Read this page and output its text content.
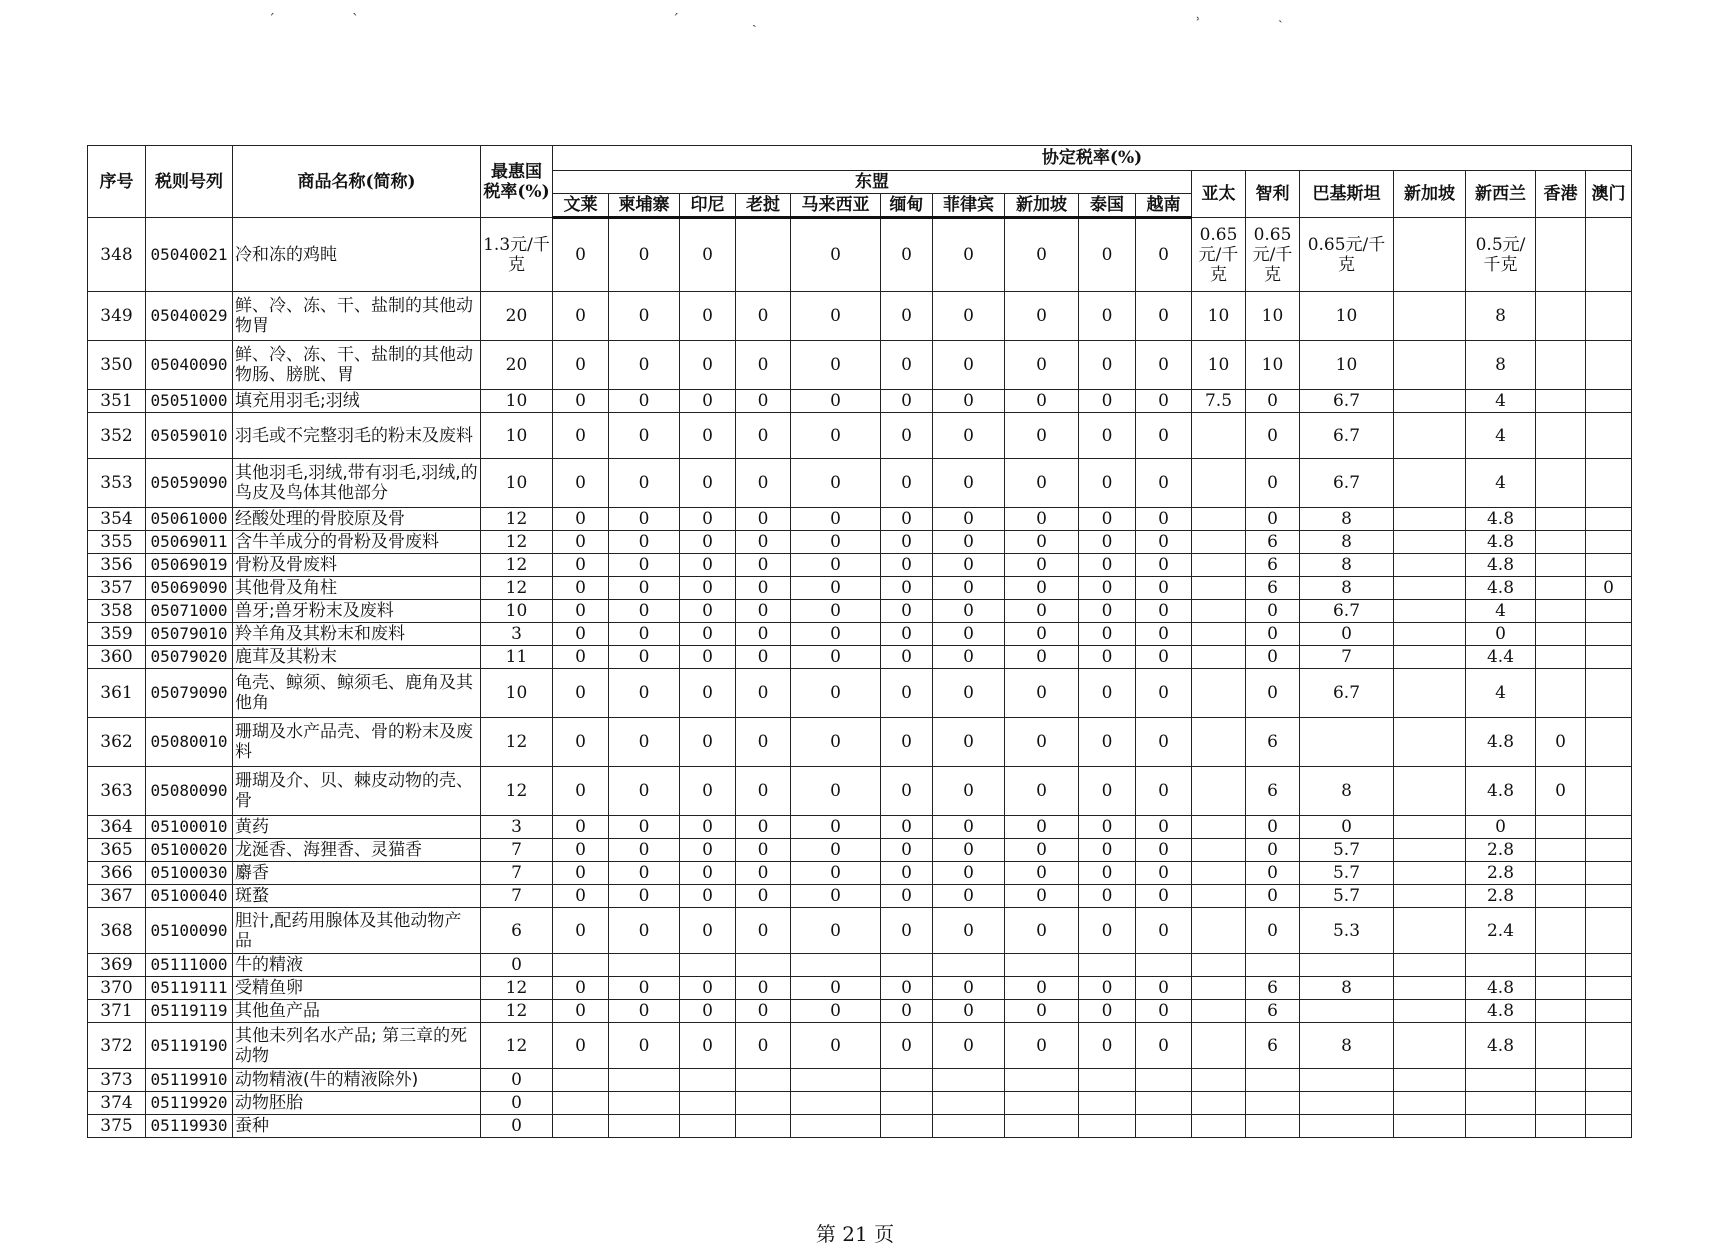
ˊ	ˋ	ˊ	ˏ	˒	˴
序号	税则号列	商品名称(简称)	最惠国税率(%)	协定税率(%)																
				东盟										亚太	智利	巴基斯坦	新加坡	新西兰	香港	澳门
				文莱	柬埔寨	印尼	老挝	马来西亚	缅甸	菲律宾	新加坡	泰国	越南							
348	05040021	冷和冻的鸡盹	1.3元/千克	0	0	0		0	0	0	0	0	0	0.65元/千克	0.65元/千克	0.65元/千克		0.5元/千克		
349	05040029	鲜、冷、冻、干、盐制的其他动物胃	20	0	0	0	0	0	0	0	0	0	0	10	10	10		8		
350	05040090	鲜、冷、冻、干、盐制的其他动物肠、膀胱、胃	20	0	0	0	0	0	0	0	0	0	0	10	10	10		8		
351	05051000	填充用羽毛;羽绒	10	0	0	0	0	0	0	0	0	0	0	7.5	0	6.7		4		
352	05059010	羽毛或不完整羽毛的粉末及废料	10	0	0	0	0	0	0	0	0	0	0		0	6.7		4		
353	05059090	其他羽毛,羽绒,带有羽毛,羽绒,的鸟皮及鸟体其他部分	10	0	0	0	0	0	0	0	0	0	0		0	6.7		4		
354	05061000	经酸处理的骨胶原及骨	12	0	0	0	0	0	0	0	0	0	0		0	8		4.8		
355	05069011	含牛羊成分的骨粉及骨废料	12	0	0	0	0	0	0	0	0	0	0		6	8		4.8		
356	05069019	骨粉及骨废料	12	0	0	0	0	0	0	0	0	0	0		6	8		4.8		
357	05069090	其他骨及角柱	12	0	0	0	0	0	0	0	0	0	0		6	8		4.8		0
358	05071000	兽牙;兽牙粉末及废料	10	0	0	0	0	0	0	0	0	0	0		0	6.7		4		
359	05079010	羚羊角及其粉末和废料	3	0	0	0	0	0	0	0	0	0	0		0	0		0		
360	05079020	鹿茸及其粉末	11	0	0	0	0	0	0	0	0	0	0		0	7		4.4		
361	05079090	龟壳、鲸须、鲸须毛、鹿角及其他角	10	0	0	0	0	0	0	0	0	0	0		0	6.7		4		
362	05080010	珊瑚及水产品壳、骨的粉末及废料	12	0	0	0	0	0	0	0	0	0	0		6			4.8	0	
363	05080090	珊瑚及介、贝、棘皮动物的壳、骨	12	0	0	0	0	0	0	0	0	0	0		6	8		4.8	0	
364	05100010	黄药	3	0	0	0	0	0	0	0	0	0	0		0	0		0		
365	05100020	龙涎香、海狸香、灵猫香	7	0	0	0	0	0	0	0	0	0	0		0	5.7		2.8		
366	05100030	麝香	7	0	0	0	0	0	0	0	0	0	0		0	5.7		2.8		
367	05100040	斑蝥	7	0	0	0	0	0	0	0	0	0	0		0	5.7		2.8		
368	05100090	胆汁,配药用腺体及其他动物产品	6	0	0	0	0	0	0	0	0	0	0		0	5.3		2.4		
369	05111000	牛的精液	0																	
370	05119111	受精鱼卵	12	0	0	0	0	0	0	0	0	0	0		6	8		4.8		
371	05119119	其他鱼产品	12	0	0	0	0	0	0	0	0	0	0		6			4.8		
372	05119190	其他未列名水产品; 第三章的死动物	12	0	0	0	0	0	0	0	0	0	0		6	8		4.8		
373	05119910	动物精液(牛的精液除外)	0																	
374	05119920	动物胚胎	0																	
375	05119930	蚕种	0																	
第 21 页
